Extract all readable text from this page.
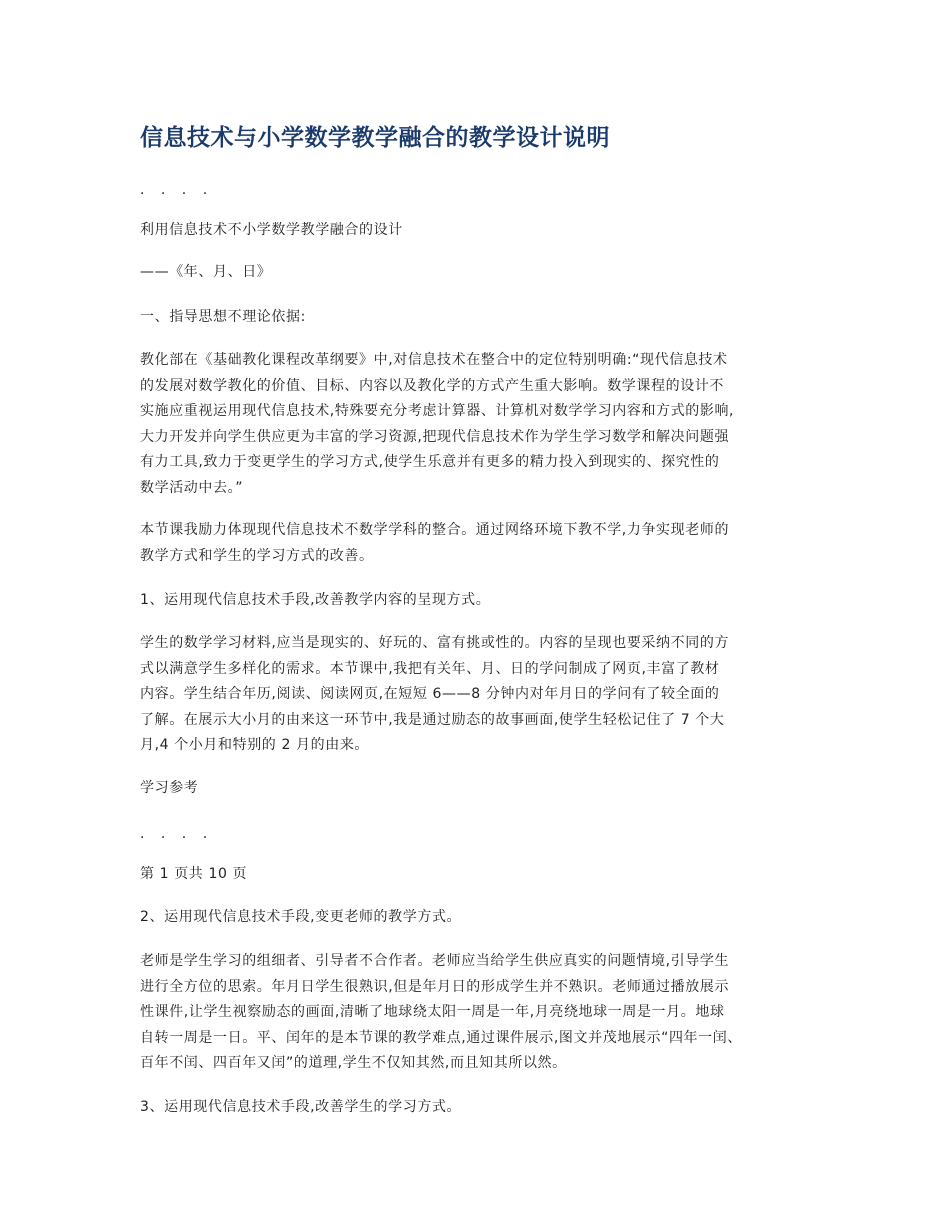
信息技术与小学数学教学融合的教学设计说明

. . . .

利用信息技术不小学数学教学融合的设计

——《年、月、日》

一、指导思想不理论依据:

教化部在《基础教化课程改革纲要》中,对信息技术在整合中的定位特别明确:“现代信息技术
的发展对数学教化的价值、目标、内容以及教化学的方式产生重大影响。数学课程的设计不
实施应重视运用现代信息技术,特殊要充分考虑计算器、计算机对数学学习内容和方式的影响,
大力开发并向学生供应更为丰富的学习资源,把现代信息技术作为学生学习数学和解决问题强
有力工具,致力于变更学生的学习方式,使学生乐意并有更多的精力投入到现实的、探究性的
数学活动中去。”

本节课我励力体现现代信息技术不数学学科的整合。通过网络环境下教不学,力争实现老师的
教学方式和学生的学习方式的改善。

1、运用现代信息技术手段,改善教学内容的呈现方式。

学生的数学学习材料,应当是现实的、好玩的、富有挑或性的。内容的呈现也要采纳不同的方
式以满意学生多样化的需求。本节课中,我把有关年、月、日的学问制成了网页,丰富了教材
内容。学生结合年历,阅读、阅读网页,在短短 6——8 分钟内对年月日的学问有了较全面的
了解。在展示大小月的由来这一环节中,我是通过励态的故事画面,使学生轻松记住了 7 个大
月,4 个小月和特别的 2 月的由来。

学习参考

. . . .

第 1 页共 10 页

2、运用现代信息技术手段,变更老师的教学方式。

老师是学生学习的组细者、引导者不合作者。老师应当给学生供应真实的问题情境,引导学生
进行全方位的思索。年月日学生很熟识,但是年月日的形成学生并不熟识。老师通过播放展示
性课件,让学生视察励态的画面,清晰了地球绕太阳一周是一年,月亮绕地球一周是一月。地球
自转一周是一日。平、闰年的是本节课的教学难点,通过课件展示,图文并茂地展示“四年一闰、
百年不闰、四百年又闰”的道理,学生不仅知其然,而且知其所以然。

3、运用现代信息技术手段,改善学生的学习方式。
